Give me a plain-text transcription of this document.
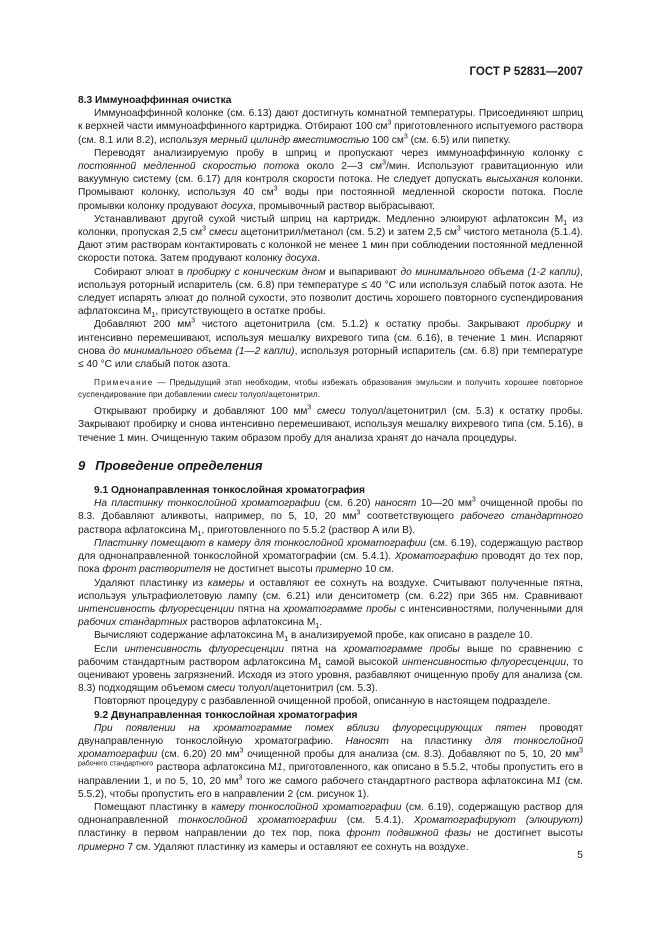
ГОСТ Р 52831—2007
8.3 Иммуноаффинная очистка

Иммуноаффинной колонке (см. 6.13) дают достигнуть комнатной температуры. Присоединяют шприц к верхней части иммуноаффинного картриджа. Отбирают 100 $см^3$ приготовленного испытуемого раствора (см. 8.1 или 8.2), используя мерный цилиндр вместимостью 100 $см^3$ (см. 6.5) или пипетку.

Переводят анализируемую пробу в шприц и пропускают через иммуноаффинную колонку с постоянной медленной скоростью потока около 2—3 $см^3$/мин. Используют гравитационную или вакуумную систему (см. 6.17) для контроля скорости потока. Не следует допускать высыхания колонки. Промывают колонку, используя 40 $см^3$ воды при постоянной медленной скорости потока. После промывки колонку продувают досуха, промывочный раствор выбрасывают.

Устанавливают другой сухой чистый шприц на картридж. Медленно элюируют афлатоксин $M_1$ из колонки, пропуская 2,5 $см^3$ смеси ацетонитрил/метанол (см. 5.2) и затем 2,5 $см^3$ чистого метанола (5.1.4). Дают этим растворам контактировать с колонкой не менее 1 мин при соблюдении постоянной медленной скорости потока. Затем продувают колонку досуха.

Собирают элюат в пробирку с коническим дном и выпаривают до минимального объема (1-2 капли), используя роторный испаритель (см. 6.8) при температуре ≤ 40 °С или используя слабый поток азота. Не следует испарять элюат до полной сухости, это позволит достичь хорошего повторного суспендирования афлатоксина $M_1$, присутствующего в остатке пробы.

Добавляют 200 $мм^3$ чистого ацетонитрила (см. 5.1.2) к остатку пробы. Закрывают пробирку и интенсивно перемешивают, используя мешалку вихревого типа (см. 6.16), в течение 1 мин. Испаряют снова до минимального объема (1—2 капли), используя роторный испаритель (см. 6.8) при температуре ≤ 40 °С или слабый поток азота.

Примечание — Предыдущий этап необходим, чтобы избежать образования эмульсии и получить хорошее повторное суспендирование при добавлении смеси толуол/ацетонитрил.

Открывают пробирку и добавляют 100 $мм^3$ смеси толуол/ацетонитрил (см. 5.3) к остатку пробы. Закрывают пробирку и снова интенсивно перемешивают, используя мешалку вихревого типа (см. 5.16), в течение 1 мин. Очищенную таким образом пробу для анализа хранят до начала процедуры.

9 Проведение определения
9.1 Однонаправленная тонкослойная хроматография

На пластинку тонкослойной хроматографии (см. 6.20) наносят 10—20 $мм^3$ очищенной пробы по 8.3. Добавляют аликвоты, например, по 5, 10, 20 $мм^3$ соответствующего рабочего стандартного раствора афлатоксина $M_1$, приготовленного по 5.5.2 (раствор А или В).

Пластинку помещают в камеру для тонкослойной хроматографии (см. 6.19), содержащую раствор для однонаправленной тонкослойной хроматографии (см. 5.4.1). Хроматографию проводят до тех пор, пока фронт растворителя не достигнет высоты примерно 10 см.

Удаляют пластинку из камеры и оставляют ее сохнуть на воздухе. Считывают полученные пятна, используя ультрафиолетовую лампу (см. 6.21) или денситометр (см. 6.22) при 365 нм. Сравнивают интенсивность флуоресценции пятна на хроматограмме пробы с интенсивностями, полученными для рабочих стандартных растворов афлатоксина $M_1$.

Вычисляют содержание афлатоксина $M_1$ в анализируемой пробе, как описано в разделе 10.

Если интенсивность флуоресценции пятна на хроматограмме пробы выше по сравнению с рабочим стандартным раствором афлатоксина $M_1$ самой высокой интенсивностью флуоресценции, то оценивают уровень загрязнений. Исходя из этого уровня, разбавляют очищенную пробу для анализа (см. 8.3) подходящим объемом смеси толуол/ацетонитрил (см. 5.3).

Повторяют процедуру с разбавленной очищенной пробой, описанную в настоящем подразделе.

9.2 Двунаправленная тонкослойная хроматография

При появлении на хроматограмме помех вблизи флуоресцирующих пятен проводят двунаправленную тонкослойную хроматографию. Наносят на пластинку для тонкослойной хроматографии (см. 6.20) 20 $мм^3$ очищенной пробы для анализа (см. 8.3). Добавляют по 5, 10, 20 $мм^3$ $^{рабочего стандартного}$ раствора афлатоксина M1, приготовленного, как описано в 5.5.2, чтобы пропустить его в направлении 1, и по 5, 10, 20 $мм^3$ того же самого рабочего стандартного раствора афлатоксина M1 (см. 5.5.2), чтобы пропустить его в направлении 2 (см. рисунок 1).

Помещают пластинку в камеру тонкослойной хроматографии (см. 6.19), содержащую раствор для однонаправленной тонкослойной хроматографии (см. 5.4.1). Хроматографируют (элюируют) пластинку в первом направлении до тех пор, пока фронт подвижной фазы не достигнет высоты примерно 7 см. Удаляют пластинку из камеры и оставляют ее сохнуть на воздухе.

5
